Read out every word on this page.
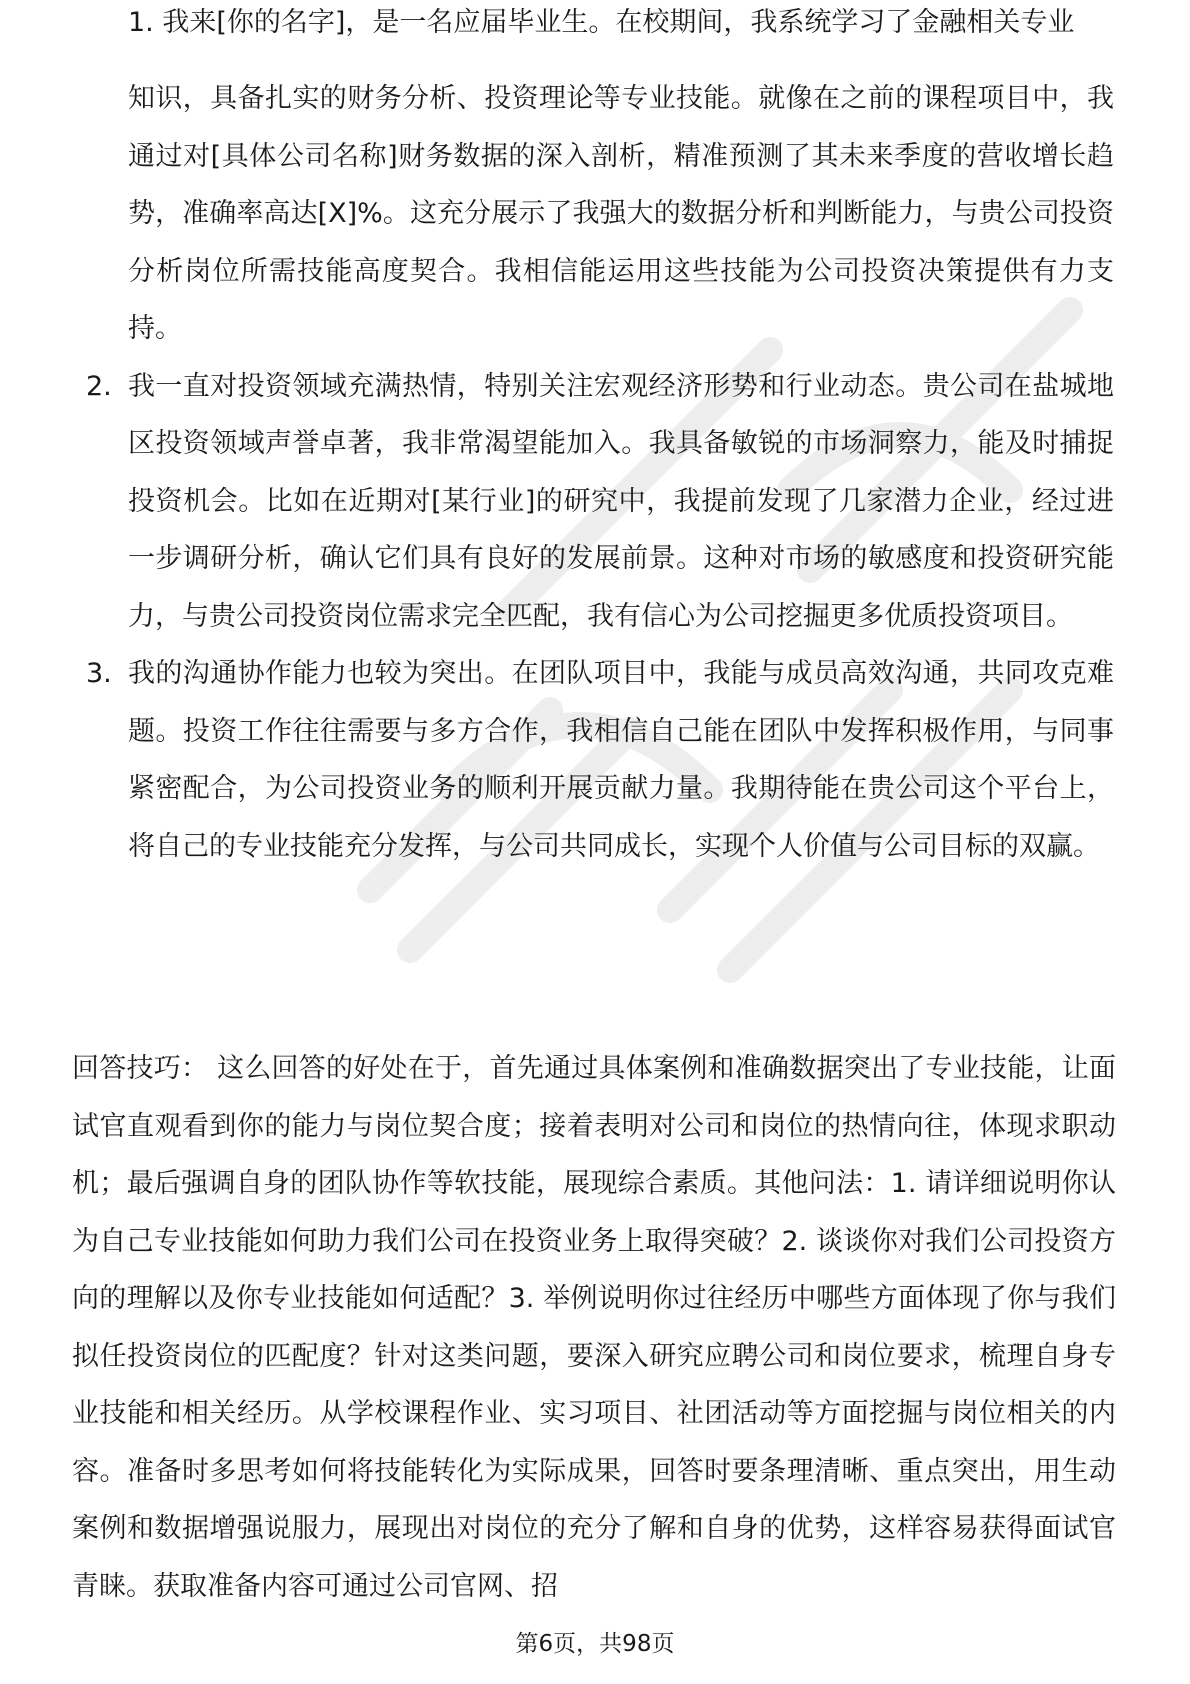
1. 我来[你的名字]，是一名应届毕业生。在校期间，我系统学习了金融相关专业
知识，具备扎实的财务分析、投资理论等专业技能。就像在之前的课程项目中，我通过对[具体公司名称]财务数据的深入剖析，精准预测了其未来季度的营收增长趋势，准确率高达[X]%。这充分展示了我强大的数据分析和判断能力，与贵公司投资分析岗位所需技能高度契合。我相信能运用这些技能为公司投资决策提供有力支持。
2. 我一直对投资领域充满热情，特别关注宏观经济形势和行业动态。贵公司在盐城地区投资领域声誉卓著，我非常渴望能加入。我具备敏锐的市场洞察力，能及时捕捉投资机会。比如在近期对[某行业]的研究中，我提前发现了几家潜力企业，经过进一步调研分析，确认它们具有良好的发展前景。这种对市场的敏感度和投资研究能力，与贵公司投资岗位需求完全匹配，我有信心为公司挖掘更多优质投资项目。
3. 我的沟通协作能力也较为突出。在团队项目中，我能与成员高效沟通，共同攻克难题。投资工作往往需要与多方合作，我相信自己能在团队中发挥积极作用，与同事紧密配合，为公司投资业务的顺利开展贡献力量。我期待能在贵公司这个平台上，将自己的专业技能充分发挥，与公司共同成长，实现个人价值与公司目标的双赢。

回答技巧： 这么回答的好处在于，首先通过具体案例和准确数据突出了专业技能，让面试官直观看到你的能力与岗位契合度；接着表明对公司和岗位的热情向往，体现求职动机；最后强调自身的团队协作等软技能，展现综合素质。其他问法：1. 请详细说明你认为自己专业技能如何助力我们公司在投资业务上取得突破？2. 谈谈你对我们公司投资方向的理解以及你专业技能如何适配？3. 举例说明你过往经历中哪些方面体现了你与我们拟任投资岗位的匹配度？针对这类问题，要深入研究应聘公司和岗位要求，梳理自身专业技能和相关经历。从学校课程作业、实习项目、社团活动等方面挖掘与岗位相关的内容。准备时多思考如何将技能转化为实际成果，回答时要条理清晰、重点突出，用生动案例和数据增强说服力，展现出对岗位的充分了解和自身的优势，这样容易获得面试官青睐。获取准备内容可通过公司官网、招

第6页，共98页
